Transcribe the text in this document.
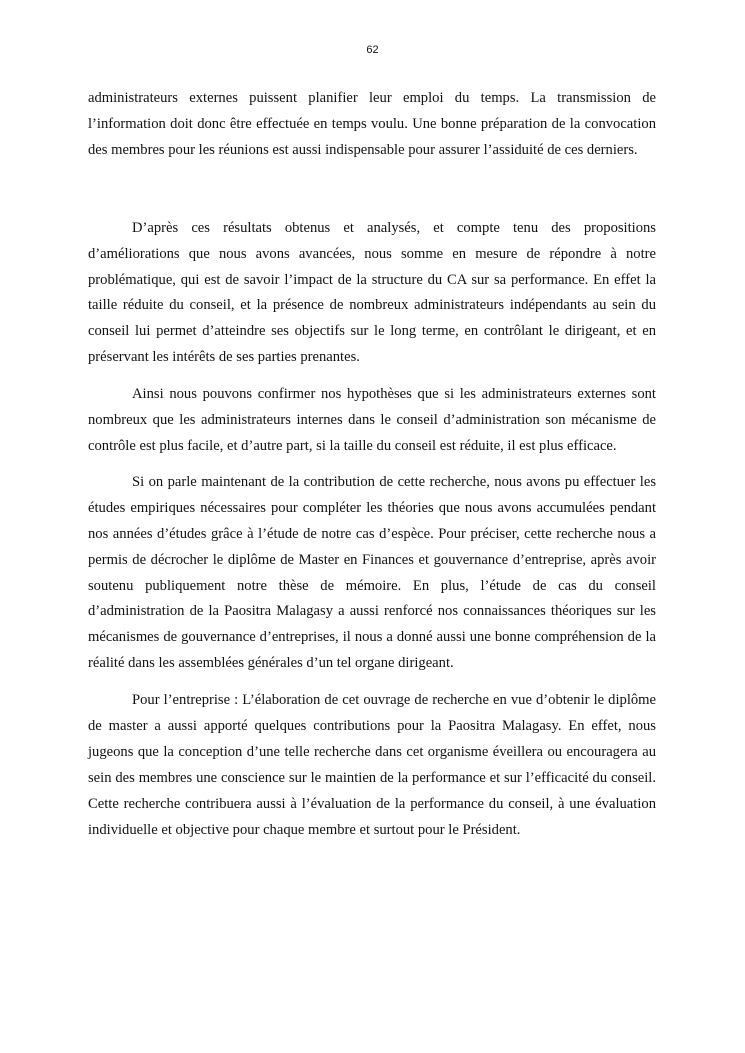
62

administrateurs externes puissent planifier leur emploi du temps. La transmission de l’information doit donc être effectuée en temps voulu. Une bonne préparation de la convocation des membres pour les réunions est aussi indispensable pour assurer l’assiduité de ces derniers.

D’après ces résultats obtenus et analysés, et compte tenu des propositions d’améliorations que nous avons avancées, nous somme en mesure de répondre à notre problématique, qui est de savoir l’impact de la structure du CA sur sa performance. En effet la taille réduite du conseil, et la présence de nombreux administrateurs indépendants au sein du conseil lui permet d’atteindre ses objectifs sur le long terme, en contrôlant le dirigeant, et en préservant les intérêts de ses parties prenantes.

Ainsi nous pouvons confirmer nos hypothèses que si les administrateurs externes sont nombreux que les administrateurs internes dans le conseil d’administration son mécanisme de contrôle est plus facile, et d’autre part, si la taille du conseil est réduite, il est plus efficace.

Si on parle maintenant de la contribution de cette recherche, nous avons pu effectuer les études empiriques nécessaires pour compléter les théories que nous avons accumulées pendant nos années d’études grâce à l’étude de notre cas d’espèce. Pour préciser, cette recherche nous a permis de décrocher le diplôme de Master en Finances et gouvernance d’entreprise, après avoir soutenu publiquement notre thèse de mémoire. En plus, l’étude de cas du conseil d’administration de la Paositra Malagasy a aussi renforcé nos connaissances théoriques sur les mécanismes de gouvernance d’entreprises, il nous a donné aussi une bonne compréhension de la réalité dans les assemblées générales d’un tel organe dirigeant.

Pour l’entreprise : L’élaboration de cet ouvrage de recherche en vue d’obtenir le diplôme de master a aussi apporté quelques contributions pour la Paositra Malagasy. En effet, nous jugeons que la conception d’une telle recherche dans cet organisme éveillera ou encouragera au sein des membres une conscience sur le maintien de la performance et sur l’efficacité du conseil. Cette recherche contribuera aussi à l’évaluation de la performance du conseil, à une évaluation individuelle et objective pour chaque membre et surtout pour le Président.
